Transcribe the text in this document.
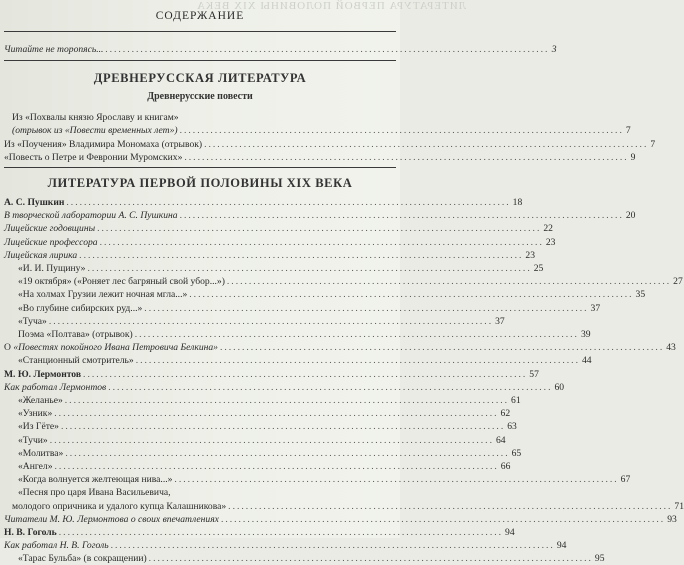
ЛИТЕРАТУРА ПЕРВОЙ ПОЛОВИНЫ XIX ВЕКА
СОДЕРЖАНИЕ
Читайте не торопясь... ..................................................................................................... 3
ДРЕВНЕРУССКАЯ ЛИТЕРАТУРА
Древнерусские повести
Из «Похвалы князю Ярославу и книгам»
(отрывок из «Повести временных лет») ..................................................................................................... 7
Из «Поучения» Владимира Мономаха (отрывок) ..................................................................................................... 7
«Повесть о Петре и Февронии Муромских» ..................................................................................................... 9
ЛИТЕРАТУРА ПЕРВОЙ ПОЛОВИНЫ XIX ВЕКА
А. С. Пушкин ..................................................................................................... 18
В творческой лаборатории А. С. Пушкина ..................................................................................................... 20
Лицейские годовщины ..................................................................................................... 22
Лицейские профессора ..................................................................................................... 23
Лицейская лирика ..................................................................................................... 23
«И. И. Пущину» ..................................................................................................... 25
«19 октября» («Роняет лес багряный свой убор...») ..................................................................................................... 27
«На холмах Грузии лежит ночная мгла...» ..................................................................................................... 35
«Во глубине сибирских руд...» ..................................................................................................... 37
«Туча» ..................................................................................................... 37
Поэма «Полтава» (отрывок) ..................................................................................................... 39
О «Повестях покойного Ивана Петровича Белкина» ..................................................................................................... 43
«Станционный смотритель» ..................................................................................................... 44
М. Ю. Лермонтов ..................................................................................................... 57
Как работал Лермонтов ..................................................................................................... 60
«Желанье» ..................................................................................................... 61
«Узник» ..................................................................................................... 62
«Из Гёте» ..................................................................................................... 63
«Тучи» ..................................................................................................... 64
«Молитва» ..................................................................................................... 65
«Ангел» ..................................................................................................... 66
«Когда волнуется желтеющая нива...» ..................................................................................................... 67
«Песня про царя Ивана Васильевича,
молодого опричника и удалого купца Калашникова» ..................................................................................................... 71
Читатели М. Ю. Лермонтова о своих впечатлениях ..................................................................................................... 93
Н. В. Гоголь ..................................................................................................... 94
Как работал Н. В. Гоголь ..................................................................................................... 94
«Тарас Бульба» (в сокращении) ..................................................................................................... 95
